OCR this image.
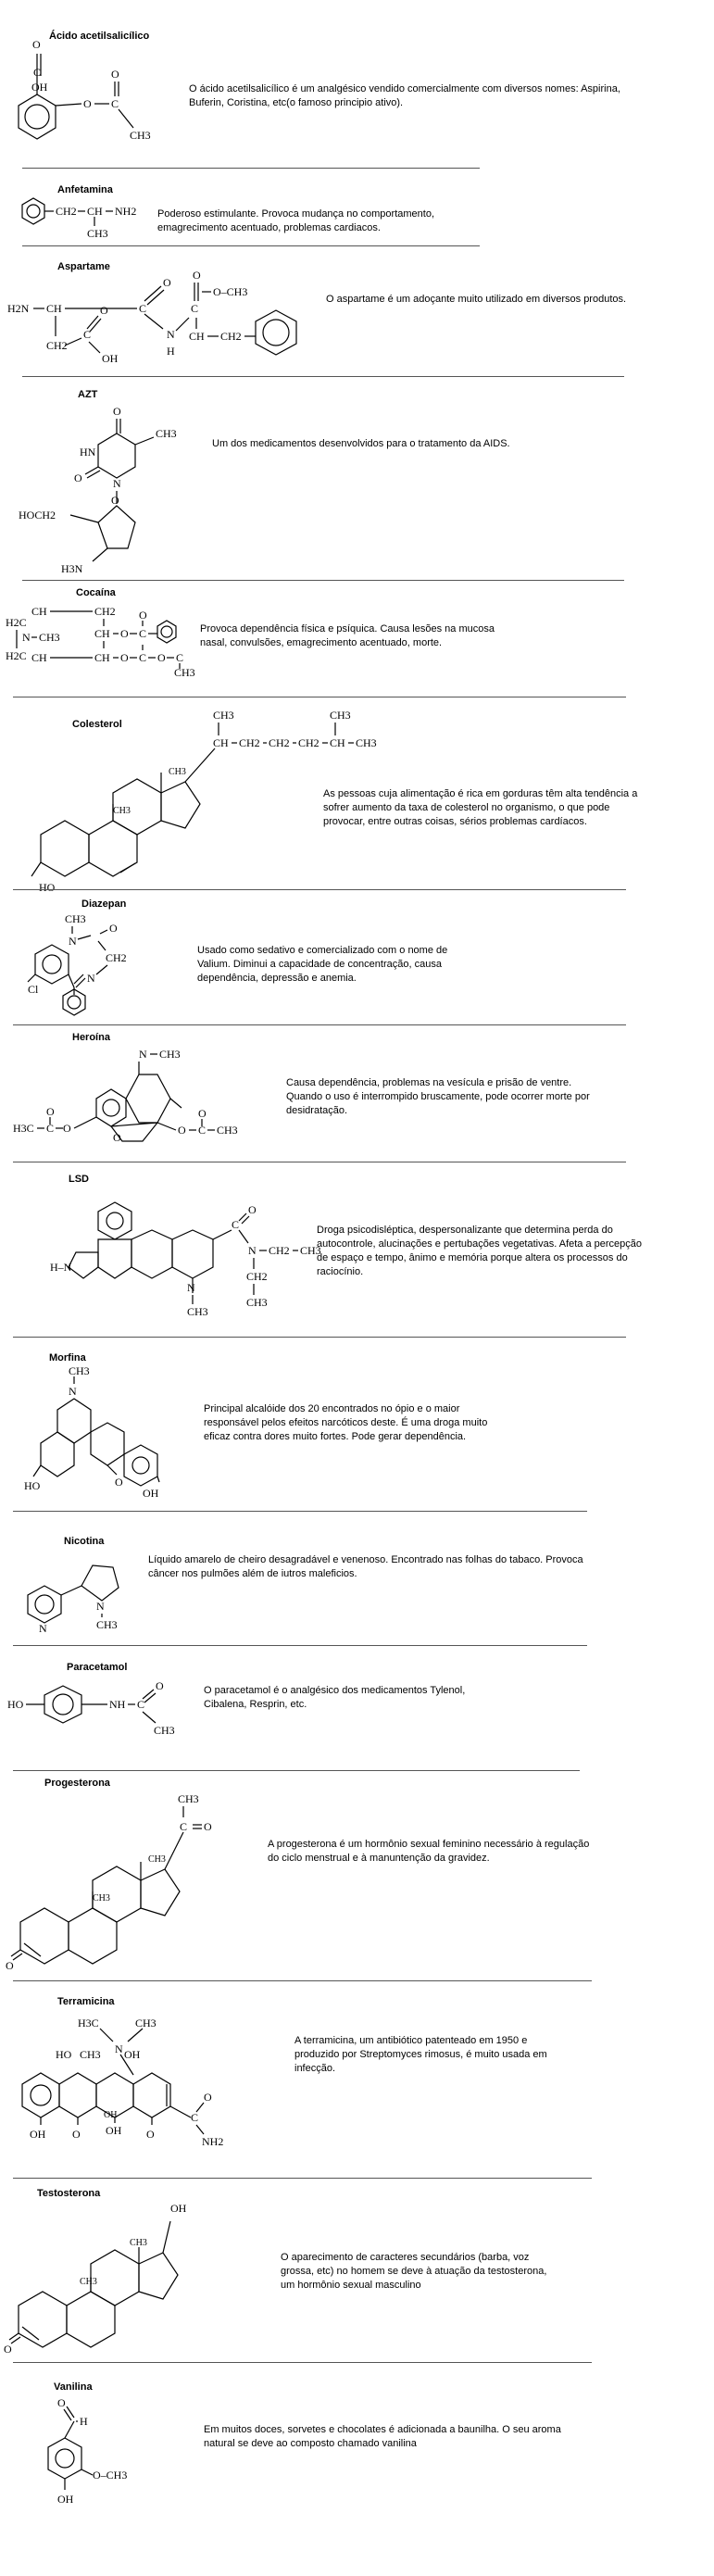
Ácido acetilsalicílico
O
C
OH
O C
O
CH3
O ácido acetilsalicílico é um analgésico vendido comercialmente com diversos nomes: Aspirina, Buferin, Coristina, etc(o famoso principio ativo).
Anfetamina
CH2 CH NH2
CH3
Poderoso estimulante. Provoca mudança no comportamento, emagrecimento acentuado, problemas cardiacos.
Aspartame
H2N CH	C
O
N
H
C
O
O–CH3
CH CH2
CH2
C
O
OH
O aspartame é um adoçante muito utilizado em diversos produtos.
AZT
O
HN
CH3
O	N
O
HOCH2
H3N
Um dos medicamentos desenvolvidos para o tratamento da AIDS.
Cocaína
H2C
CH
CH
H2C
N CH3
CH2
CH
CH
O C
O
O C O C
CH3
Provoca dependência física e psíquica. Causa lesões na mucosa nasal, convulsões, emagrecimento acentuado, morte.
Colesterol
CH3
CH3
CH
CH3
CH2 CH2 CH2 CH
CH3
CH3
HO
As pessoas cuja alimentação é rica em gorduras têm alta tendência a sofrer aumento da taxa de colesterol no organismo, o que pode provocar, entre outras coisas, sérios problemas cardíacos.
Diazepan
Cl
CH3
N
O
CH2
N
Usado como sedativo e comercializado com o nome de Valium. Diminui a capacidade de concentração, causa dependência, depressão e anemia.
Heroína
N CH3
O
O
C
O
H3C	O C
O
CH3
Causa dependência, problemas na vesícula e prisão de ventre. Quando o uso é interrompido bruscamente, pode ocorrer morte por desidratação.
LSD
H–N
N
CH3
C
O
N CH2 CH3
CH2
CH3
Droga psicodisléptica, despersonalizante que determina perda do autocontrole, alucinações e pertubações vegetativas. Afeta a percepção de espaço e tempo, ânimo e memória porque altera os processos do raciocínio.
Morfina
CH3
N
O
HO
OH
Principal alcalóide dos 20 encontrados no ópio e o maior responsável pelos efeitos narcóticos deste. É uma droga muito eficaz contra dores muito fortes. Pode gerar dependência.
Nicotina
N
N
CH3
Líquido amarelo de cheiro desagradável e venenoso. Encontrado nas folhas do tabaco. Provoca câncer nos pulmões além de iutros maleficios.
Paracetamol
HO	NH C
O
CH3
O paracetamol é o analgésico dos medicamentos Tylenol, Cibalena, Resprin, etc.
Progesterona
O
CH3
CH3
C O
CH3
A progesterona é um hormônio sexual feminino necessário à regulação do ciclo menstrual e à manuntenção da gravidez.
Terramicina
HO CH3 OH
H3C	CH3
N
OH O OH
OH
O
C
O
NH2
A terramicina, um antibiótico patenteado em 1950 e produzido por Streptomyces rimosus, é muito usada em infecção.
Testosterona
O
CH3
CH3
OH
O aparecimento de caracteres secundários (barba, voz grossa, etc) no homem se deve à atuação da testosterona, um hormônio sexual masculino
Vanilina
O
H
O–CH3
OH
Em muitos doces, sorvetes e chocolates é adicionada a baunilha. O seu aroma natural se deve ao composto chamado vanilina
